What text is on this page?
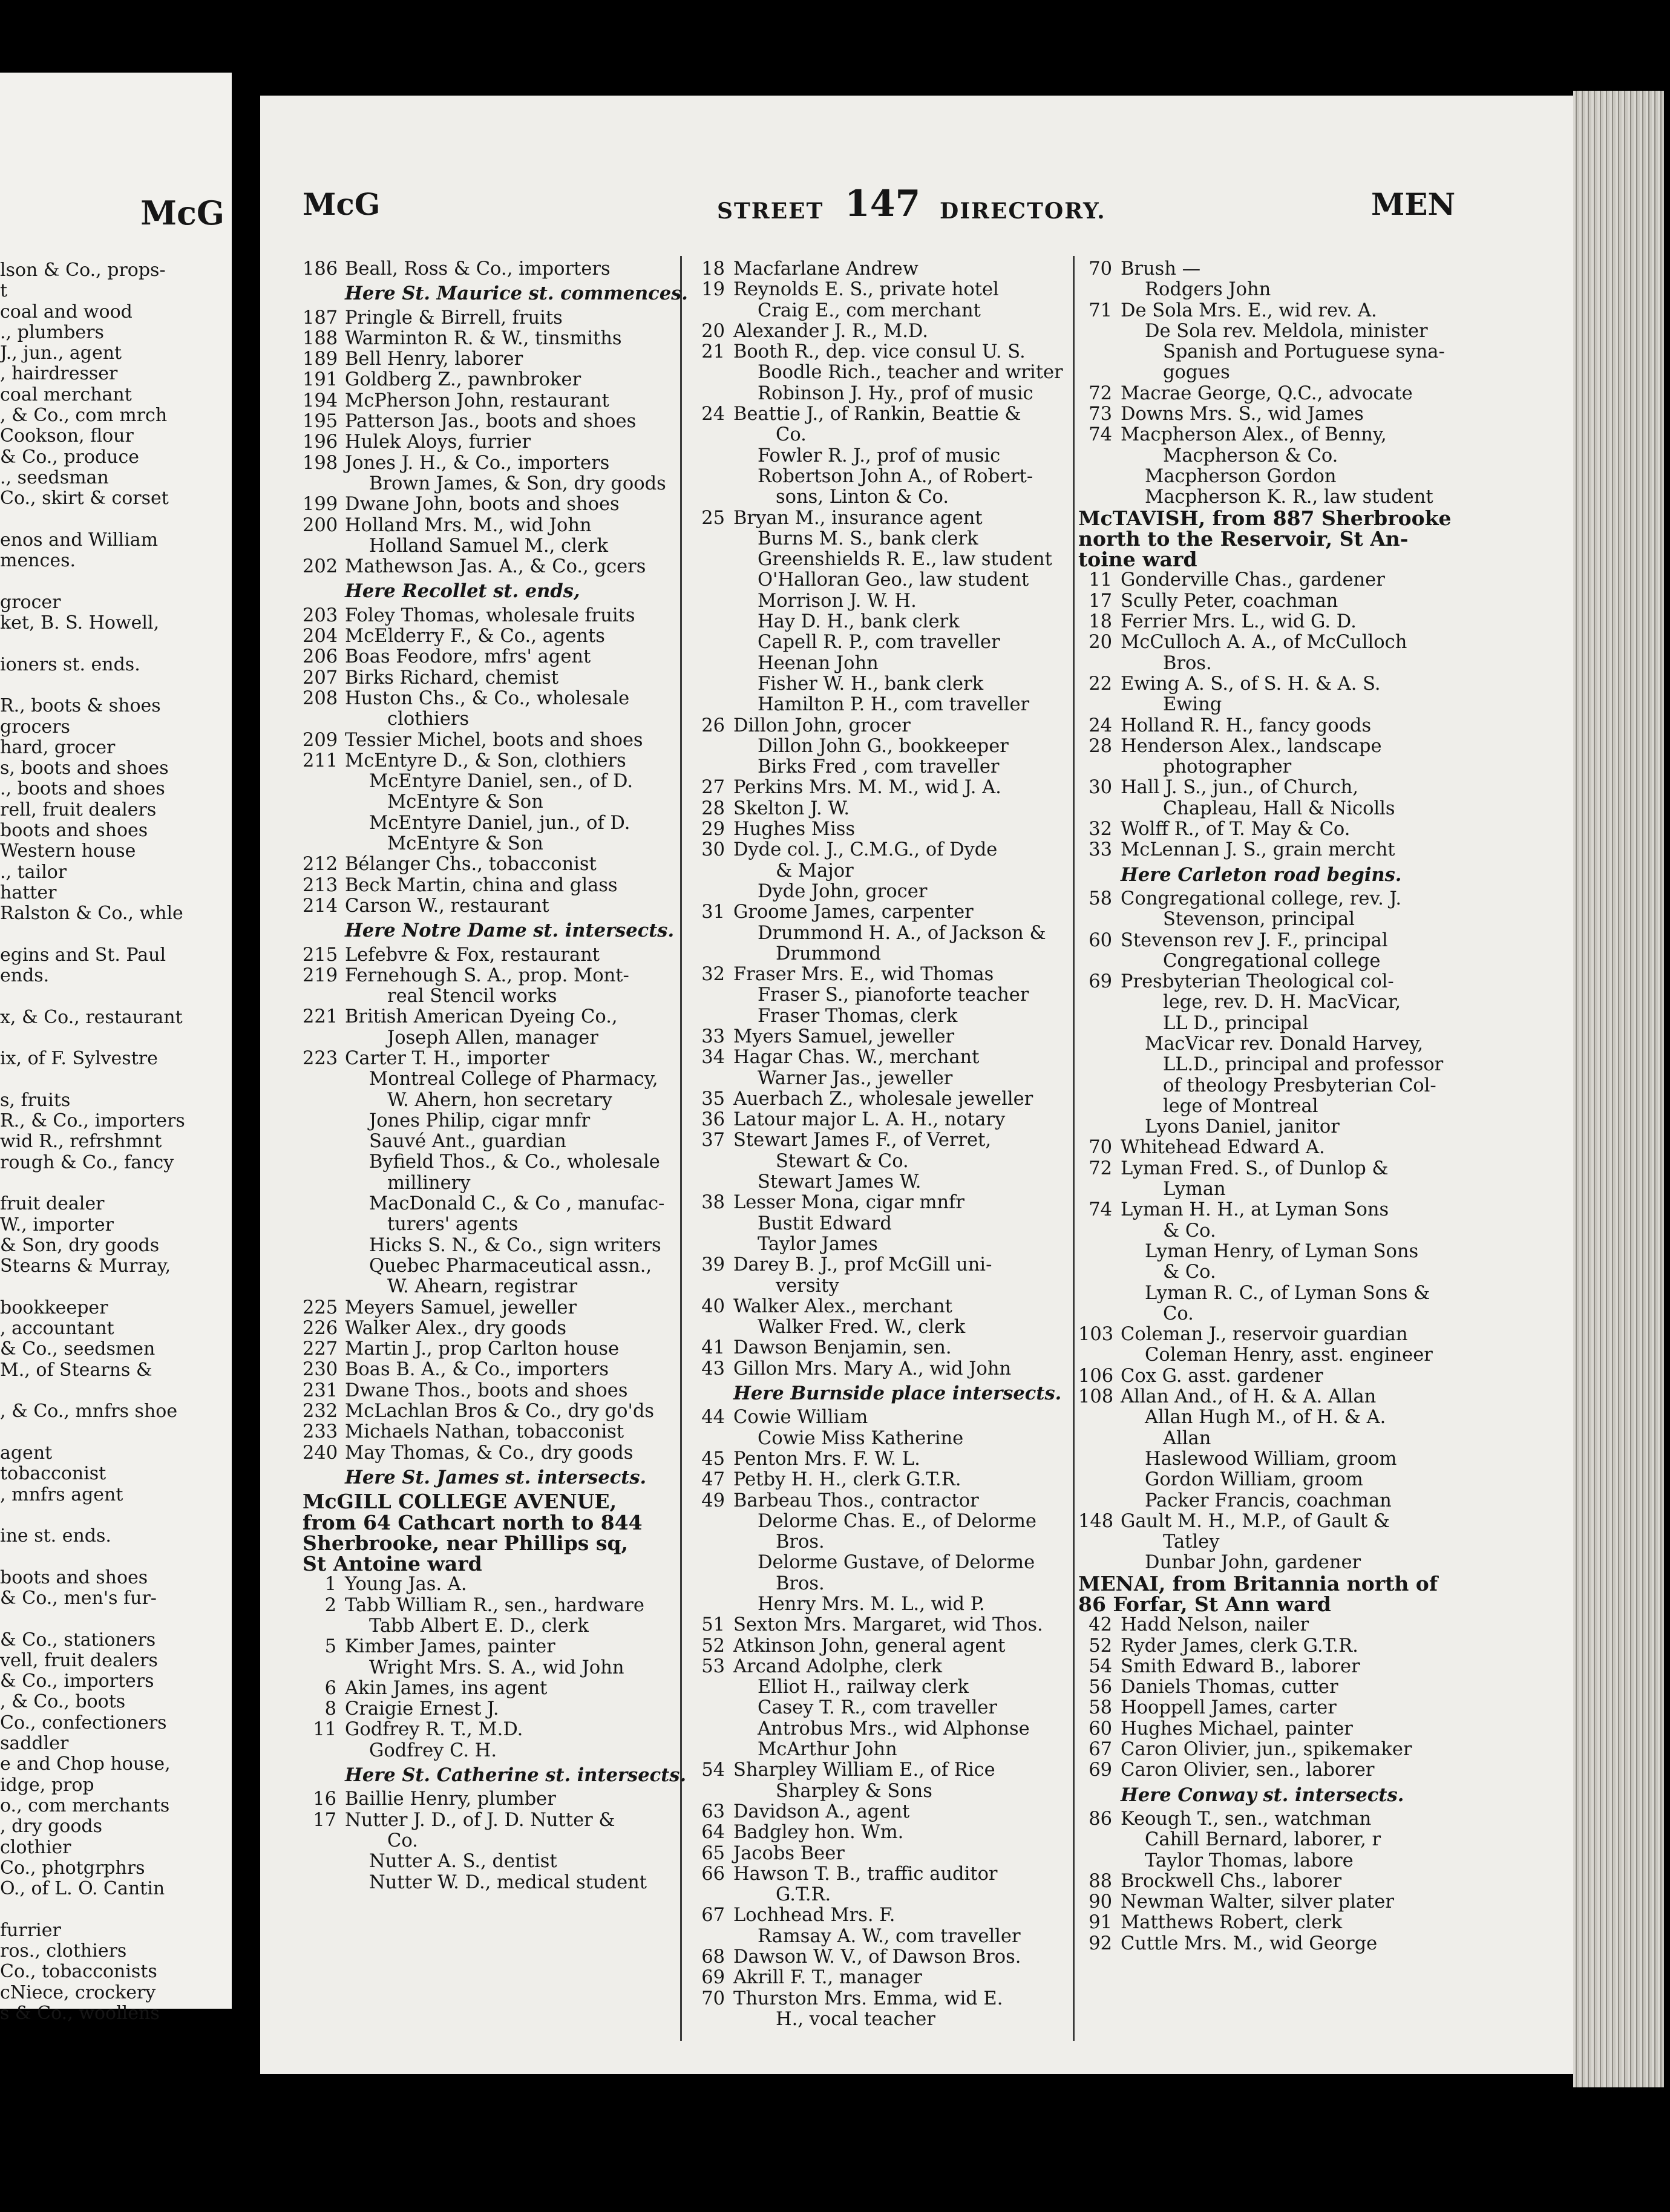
McG
lson & Co., props-
t
coal and wood
., plumbers
J., jun., agent
, hairdresser
coal merchant
, & Co., com mrch
Cookson, flour
& Co., produce
., seedsman
Co., skirt & corset
enos and William
mences.
grocer
ket, B. S. Howell,
ioners st. ends.
R., boots & shoes
grocers
hard, grocer
s, boots and shoes
., boots and shoes
rell, fruit dealers
boots and shoes
Western house
., tailor
hatter
Ralston & Co., whle
egins and St. Paul
ends.
x, & Co., restaurant
ix, of F. Sylvestre
s, fruits
R., & Co., importers
wid R., refrshmnt
rough & Co., fancy
fruit dealer
W., importer
& Son, dry goods
Stearns & Murray,
bookkeeper
, accountant
& Co., seedsmen
M., of Stearns &
, & Co., mnfrs shoe
agent
tobacconist
, mnfrs agent
ine st. ends.
boots and shoes
& Co., men's fur-
& Co., stationers
vell, fruit dealers
& Co., importers
, & Co., boots
Co., confectioners
saddler
e and Chop house,
idge, prop
o., com merchants
, dry goods
clothier
Co., photgrphrs
O., of L. O. Cantin
furrier
ros., clothiers
Co., tobacconists
cNiece, crockery
s & Co., woollens
McG	STREET 147 DIRECTORY.	MEN
186 Beall, Ross & Co., importers
Here St. Maurice st. commences.
187 Pringle & Birrell, fruits
188 Warminton R. & W., tinsmiths
189 Bell Henry, laborer
191 Goldberg Z., pawnbroker
194 McPherson John, restaurant
195 Patterson Jas., boots and shoes
196 Hulek Aloys, furrier
198 Jones J. H., & Co., importers
Brown James, & Son, dry goods
199 Dwane John, boots and shoes
200 Holland Mrs. M., wid John
Holland Samuel M., clerk
202 Mathewson Jas. A., & Co., gcers
Here Recollet st. ends,
203 Foley Thomas, wholesale fruits
204 McElderry F., & Co., agents
206 Boas Feodore, mfrs' agent
207 Birks Richard, chemist
208 Huston Chs., & Co., wholesale
clothiers
209 Tessier Michel, boots and shoes
211 McEntyre D., & Son, clothiers
McEntyre Daniel, sen., of D.
McEntyre & Son
McEntyre Daniel, jun., of D.
McEntyre & Son
212 Bélanger Chs., tobacconist
213 Beck Martin, china and glass
214 Carson W., restaurant
Here Notre Dame st. intersects.
215 Lefebvre & Fox, restaurant
219 Fernehough S. A., prop. Mont-
real Stencil works
221 British American Dyeing Co.,
Joseph Allen, manager
223 Carter T. H., importer
Montreal College of Pharmacy,
W. Ahern, hon secretary
Jones Philip, cigar mnfr
Sauvé Ant., guardian
Byfield Thos., & Co., wholesale
millinery
MacDonald C., & Co , manufac-
turers' agents
Hicks S. N., & Co., sign writers
Quebec Pharmaceutical assn.,
W. Ahearn, registrar
225 Meyers Samuel, jeweller
226 Walker Alex., dry goods
227 Martin J., prop Carlton house
230 Boas B. A., & Co., importers
231 Dwane Thos., boots and shoes
232 McLachlan Bros & Co., dry go'ds
233 Michaels Nathan, tobacconist
240 May Thomas, & Co., dry goods
Here St. James st. intersects.
McGILL COLLEGE AVENUE,
from 64 Cathcart north to 844
Sherbrooke, near Phillips sq,
St Antoine ward
1 Young Jas. A.
2 Tabb William R., sen., hardware
Tabb Albert E. D., clerk
5 Kimber James, painter
Wright Mrs. S. A., wid John
6 Akin James, ins agent
8 Craigie Ernest J.
11 Godfrey R. T., M.D.
Godfrey C. H.
Here St. Catherine st. intersects.
16 Baillie Henry, plumber
17 Nutter J. D., of J. D. Nutter &
Co.
Nutter A. S., dentist
Nutter W. D., medical student
18 Macfarlane Andrew
19 Reynolds E. S., private hotel
Craig E., com merchant
20 Alexander J. R., M.D.
21 Booth R., dep. vice consul U. S.
Boodle Rich., teacher and writer
Robinson J. Hy., prof of music
24 Beattie J., of Rankin, Beattie &
Co.
Fowler R. J., prof of music
Robertson John A., of Robert-
sons, Linton & Co.
25 Bryan M., insurance agent
Burns M. S., bank clerk
Greenshields R. E., law student
O'Halloran Geo., law student
Morrison J. W. H.
Hay D. H., bank clerk
Capell R. P., com traveller
Heenan John
Fisher W. H., bank clerk
Hamilton P. H., com traveller
26 Dillon John, grocer
Dillon John G., bookkeeper
Birks Fred , com traveller
27 Perkins Mrs. M. M., wid J. A.
28 Skelton J. W.
29 Hughes Miss
30 Dyde col. J., C.M.G., of Dyde
& Major
Dyde John, grocer
31 Groome James, carpenter
Drummond H. A., of Jackson &
Drummond
32 Fraser Mrs. E., wid Thomas
Fraser S., pianoforte teacher
Fraser Thomas, clerk
33 Myers Samuel, jeweller
34 Hagar Chas. W., merchant
Warner Jas., jeweller
35 Auerbach Z., wholesale jeweller
36 Latour major L. A. H., notary
37 Stewart James F., of Verret,
Stewart & Co.
Stewart James W.
38 Lesser Mona, cigar mnfr
Bustit Edward
Taylor James
39 Darey B. J., prof McGill uni-
versity
40 Walker Alex., merchant
Walker Fred. W., clerk
41 Dawson Benjamin, sen.
43 Gillon Mrs. Mary A., wid John
Here Burnside place intersects.
44 Cowie William
Cowie Miss Katherine
45 Penton Mrs. F. W. L.
47 Petby H. H., clerk G.T.R.
49 Barbeau Thos., contractor
Delorme Chas. E., of Delorme
Bros.
Delorme Gustave, of Delorme
Bros.
Henry Mrs. M. L., wid P.
51 Sexton Mrs. Margaret, wid Thos.
52 Atkinson John, general agent
53 Arcand Adolphe, clerk
Elliot H., railway clerk
Casey T. R., com traveller
Antrobus Mrs., wid Alphonse
McArthur John
54 Sharpley William E., of Rice
Sharpley & Sons
63 Davidson A., agent
64 Badgley hon. Wm.
65 Jacobs Beer
66 Hawson T. B., traffic auditor
G.T.R.
67 Lochhead Mrs. F.
Ramsay A. W., com traveller
68 Dawson W. V., of Dawson Bros.
69 Akrill F. T., manager
70 Thurston Mrs. Emma, wid E.
H., vocal teacher
70 Brush —
Rodgers John
71 De Sola Mrs. E., wid rev. A.
De Sola rev. Meldola, minister
Spanish and Portuguese syna-
gogues
72 Macrae George, Q.C., advocate
73 Downs Mrs. S., wid James
74 Macpherson Alex., of Benny,
Macpherson & Co.
Macpherson Gordon
Macpherson K. R., law student
McTAVISH, from 887 Sherbrooke
north to the Reservoir, St An-
toine ward
11 Gonderville Chas., gardener
17 Scully Peter, coachman
18 Ferrier Mrs. L., wid G. D.
20 McCulloch A. A., of McCulloch
Bros.
22 Ewing A. S., of S. H. & A. S.
Ewing
24 Holland R. H., fancy goods
28 Henderson Alex., landscape
photographer
30 Hall J. S., jun., of Church,
Chapleau, Hall & Nicolls
32 Wolff R., of T. May & Co.
33 McLennan J. S., grain mercht
Here Carleton road begins.
58 Congregational college, rev. J.
Stevenson, principal
60 Stevenson rev J. F., principal
Congregational college
69 Presbyterian Theological col-
lege, rev. D. H. MacVicar,
LL D., principal
MacVicar rev. Donald Harvey,
LL.D., principal and professor
of theology Presbyterian Col-
lege of Montreal
Lyons Daniel, janitor
70 Whitehead Edward A.
72 Lyman Fred. S., of Dunlop &
Lyman
74 Lyman H. H., at Lyman Sons
& Co.
Lyman Henry, of Lyman Sons
& Co.
Lyman R. C., of Lyman Sons &
Co.
103 Coleman J., reservoir guardian
Coleman Henry, asst. engineer
106 Cox G. asst. gardener
108 Allan And., of H. & A. Allan
Allan Hugh M., of H. & A.
Allan
Haslewood William, groom
Gordon William, groom
Packer Francis, coachman
148 Gault M. H., M.P., of Gault &
Tatley
Dunbar John, gardener
MENAI, from Britannia north of
86 Forfar, St Ann ward
42 Hadd Nelson, nailer
52 Ryder James, clerk G.T.R.
54 Smith Edward B., laborer
56 Daniels Thomas, cutter
58 Hooppell James, carter
60 Hughes Michael, painter
67 Caron Olivier, jun., spikemaker
69 Caron Olivier, sen., laborer
Here Conway st. intersects.
86 Keough T., sen., watchman
Cahill Bernard, laborer, r
Taylor Thomas, labore
88 Brockwell Chs., laborer
90 Newman Walter, silver plater
91 Matthews Robert, clerk
92 Cuttle Mrs. M., wid George
